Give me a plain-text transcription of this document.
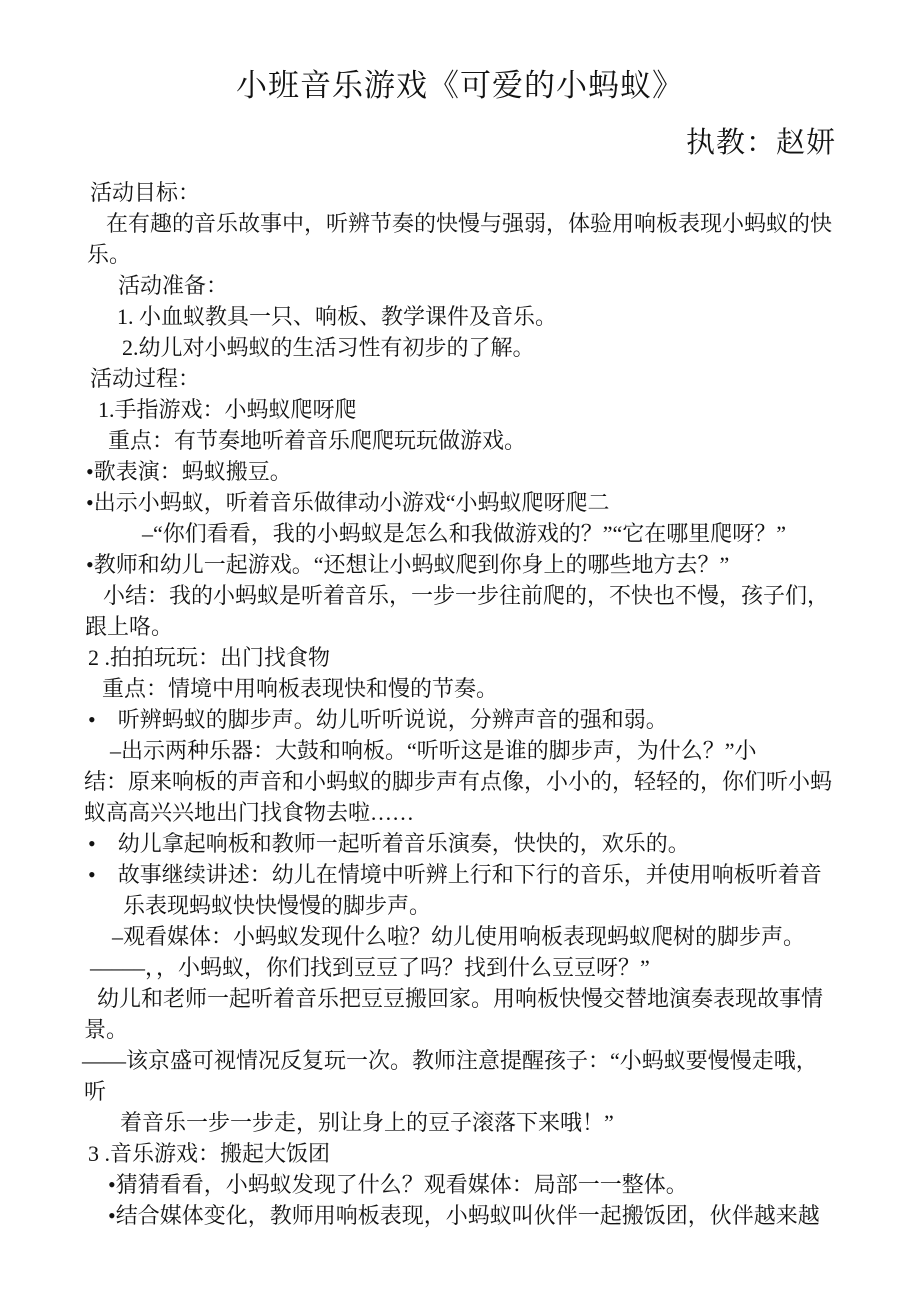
小班音乐游戏《可爱的小蚂蚁》
执教：赵妍
活动目标：
在有趣的音乐故事中，听辨节奏的快慢与强弱，体验用响板表现小蚂蚁的快
乐。
活动准备：
1. 小血蚁教具一只、响板、教学课件及音乐。
2.幼儿对小蚂蚁的生活习性有初步的了解。
活动过程：
1.手指游戏：小蚂蚁爬呀爬
重点：有节奏地听着音乐爬爬玩玩做游戏。
•歌表演：蚂蚁搬豆。
•出示小蚂蚁，听着音乐做律动小游戏“小蚂蚁爬呀爬二
–“你们看看，我的小蚂蚁是怎么和我做游戏的？”“它在哪里爬呀？”
•教师和幼儿一起游戏。“还想让小蚂蚁爬到你身上的哪些地方去？”
小结：我的小蚂蚁是听着音乐，一步一步往前爬的，不快也不慢，孩子们，
跟上咯。
2 .拍拍玩玩：出门找食物
重点：情境中用响板表现快和慢的节奏。
•    听辨蚂蚁的脚步声。幼儿听听说说，分辨声音的强和弱。
–出示两种乐器：大鼓和响板。“听听这是谁的脚步声，为什么？”小
结：原来响板的声音和小蚂蚁的脚步声有点像，小小的，轻轻的，你们听小蚂
蚁高高兴兴地出门找食物去啦……
•    幼儿拿起响板和教师一起听着音乐演奏，快快的，欢乐的。
•    故事继续讲述：幼儿在情境中听辨上行和下行的音乐，并使用响板听着音
乐表现蚂蚁快快慢慢的脚步声。
–观看媒体：小蚂蚁发现什么啦？幼儿使用响板表现蚂蚁爬树的脚步声。
–––––，，小蚂蚁，你们找到豆豆了吗？找到什么豆豆呀？”
幼儿和老师一起听着音乐把豆豆搬回家。用响板快慢交替地演奏表现故事情
景。
——该京盛可视情况反复玩一次。教师注意提醒孩子：“小蚂蚁要慢慢走哦，
听
着音乐一步一步走，别让身上的豆子滚落下来哦！”
3 .音乐游戏：搬起大饭团
•猜猜看看，小蚂蚁发现了什么？观看媒体：局部一一整体。
•结合媒体变化，教师用响板表现，小蚂蚁叫伙伴一起搬饭团，伙伴越来越
